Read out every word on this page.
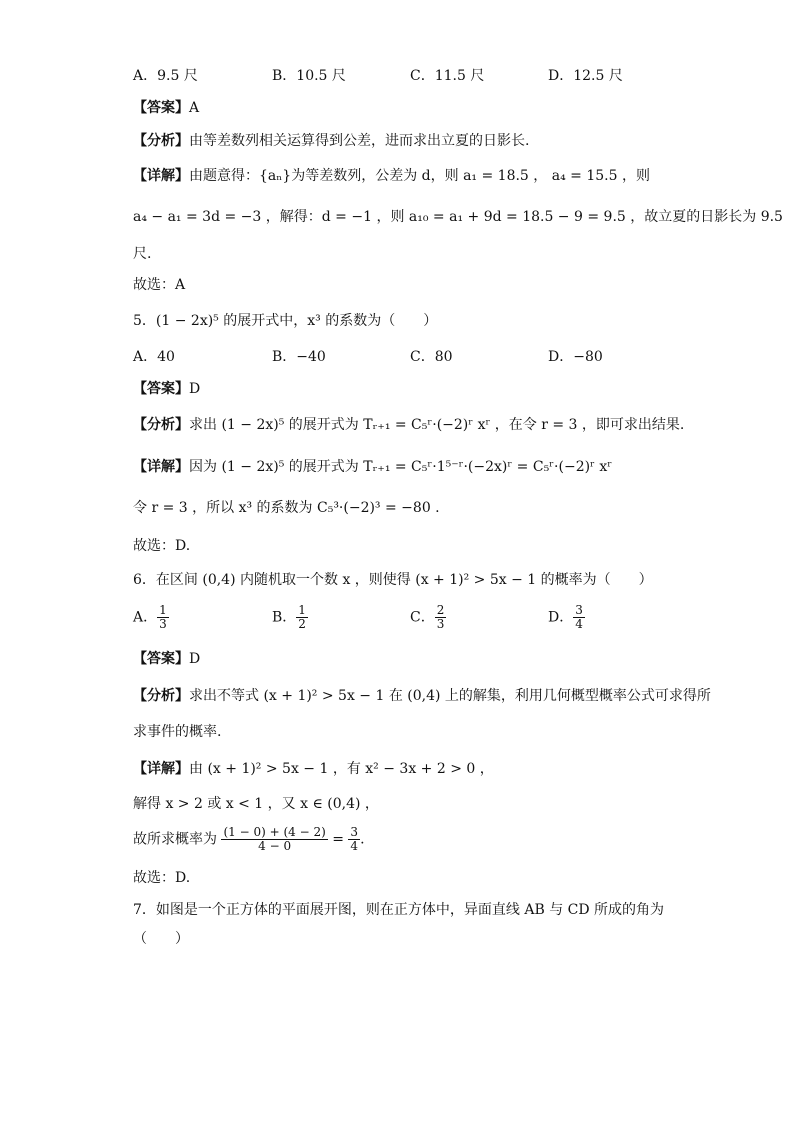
A．9.5 尺	B．10.5 尺	C．11.5 尺	D．12.5 尺
【答案】A
【分析】由等差数列相关运算得到公差，进而求出立夏的日影长.
【详解】由题意得：{aₙ}为等差数列，公差为 d，则 a₁ = 18.5 ， a₄ = 15.5 ，则
a₄ − a₁ = 3d = −3 ，解得：d = −1 ，则 a₁₀ = a₁ + 9d = 18.5 − 9 = 9.5 ，故立夏的日影长为 9.5
尺.
故选：A
5．(1 − 2x)⁵ 的展开式中，x³ 的系数为（　　）
A．40	B．−40	C．80	D．−80
【答案】D
【分析】求出 (1 − 2x)⁵ 的展开式为 Tᵣ₊₁ = C₅ʳ·(−2)ʳ xʳ ，在令 r = 3 ，即可求出结果.
【详解】因为 (1 − 2x)⁵ 的展开式为 Tᵣ₊₁ = C₅ʳ·1⁵⁻ʳ·(−2x)ʳ = C₅ʳ·(−2)ʳ xʳ
令 r = 3 ，所以 x³ 的系数为 C₅³·(−2)³ = −80 .
故选：D.
6．在区间 (0,4) 内随机取一个数 x ，则使得 (x + 1)² > 5x − 1 的概率为（　　）
A． $\frac{1}{3}$	B． $\frac{1}{2}$	C． $\frac{2}{3}$	D． $\frac{3}{4}$
【答案】D
【分析】求出不等式 (x + 1)² > 5x − 1 在 (0,4) 上的解集，利用几何概型概率公式可求得所
求事件的概率.
【详解】由 (x + 1)² > 5x − 1 ，有 x² − 3x + 2 > 0 ，
解得 x > 2 或 x < 1 ，又 x ∈ (0,4) ，
故所求概率为 $\frac{(1 - 0) + (4 - 2)}{4 - 0} = \frac{3}{4}$ .
故选：D.
7．如图是一个正方体的平面展开图，则在正方体中，异面直线 AB 与 CD 所成的角为
（　　）
